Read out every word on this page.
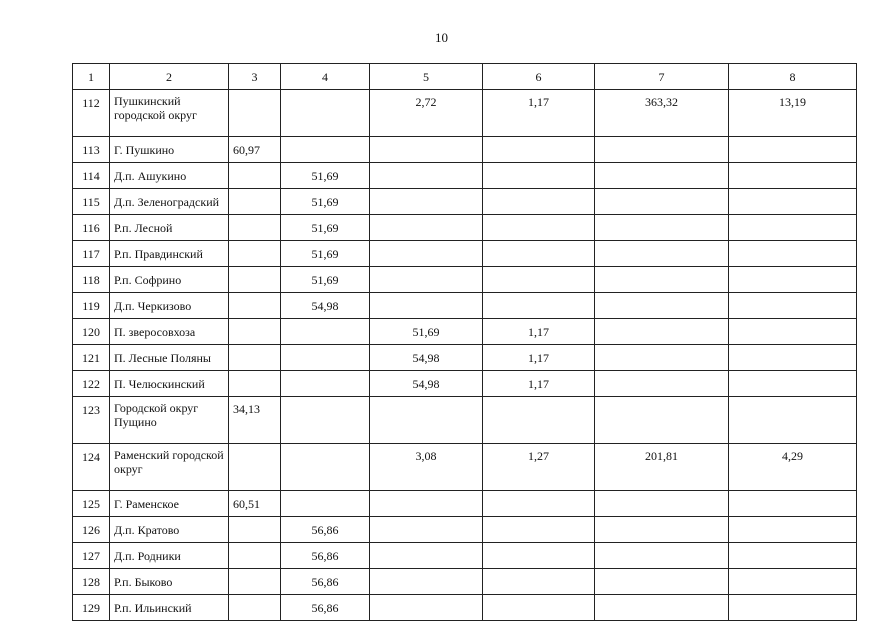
10
1	2	3	4	5	6	7	8
112	Пушкинский городской округ			2,72	1,17	363,32	13,19
113	Г. Пушкино	60,97					
114	Д.п. Ашукино		51,69				
115	Д.п. Зеленоградский		51,69				
116	Р.п. Лесной		51,69				
117	Р.п. Правдинский		51,69				
118	Р.п. Софрино		51,69				
119	Д.п. Черкизово		54,98				
120	П. зверосовхоза			51,69	1,17		
121	П. Лесные Поляны			54,98	1,17		
122	П. Челюскинский			54,98	1,17		
123	Городской округ Пущино	34,13					
124	Раменский городской округ			3,08	1,27	201,81	4,29
125	Г. Раменское	60,51					
126	Д.п. Кратово		56,86				
127	Д.п. Родники		56,86				
128	Р.п. Быково		56,86				
129	Р.п. Ильинский		56,86				
